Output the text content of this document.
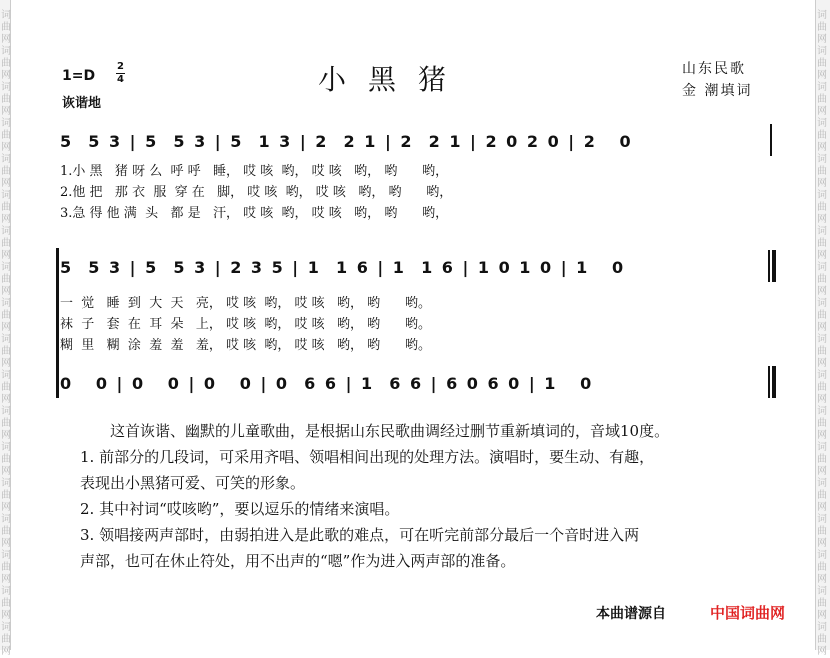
词
曲
网
词
曲
网
词
曲
网
词
曲
网
词
曲
网
词
曲
网
词
曲
网
词
曲
网
词
曲
网
词
曲
网
词
曲
网
词
曲
网
词
曲
网
词
曲
网
词
曲
网
词
曲
网
词
曲
网
词
曲
网
词
曲
网
词
曲
网
词
曲
网
词
曲
网
词
曲
网
词
曲
网
词
曲
网
词
曲
网
词
曲
网
词
曲
网
词
曲
网
词
曲
网
词
曲
网
词
曲
网
词
曲
网
词
曲
网
词
曲
网
词
曲
网
小黑猪
1=D
2
4
诙谐地
山东民歌
金 潮填词
5  5 3 | 5  5 3 | 5  1 3 | 2  2 1 | 2  2 1 | 2 0 2 0 | 2   0
1.小 黑   猪 呀 么  呼 呼   睡， 哎 咳  哟， 哎 咳   哟， 哟      哟，
2.他 把   那 衣  服  穿 在   脚， 哎 咳  哟， 哎 咳   哟， 哟      哟，
3.急 得 他 满  头   都 是   汗， 哎 咳  哟， 哎 咳   哟， 哟      哟，
5  5 3 | 5  5 3 | 2 3 5 | 1  1 6 | 1  1 6 | 1 0 1 0 | 1   0
一  觉   睡  到  大  天   亮， 哎 咳  哟， 哎 咳   哟， 哟      哟。
袜  子   套  在  耳  朵   上， 哎 咳  哟， 哎 咳   哟， 哟      哟。
糊  里   糊  涂  羞  羞   羞， 哎 咳  哟， 哎 咳   哟， 哟      哟。
0   0 | 0   0 | 0   0 | 0  6 6 | 1  6 6 | 6 0 6 0 | 1   0
这首诙谐、幽默的儿童歌曲，是根据山东民歌曲调经过删节重新填词的，音域10度。
1. 前部分的几段词，可采用齐唱、领唱相间出现的处理方法。演唱时，要生动、有趣，
表现出小黑猪可爱、可笑的形象。
2. 其中衬词“哎咳哟”，要以逗乐的情绪来演唱。
3. 领唱接两声部时，由弱拍进入是此歌的难点，可在听完前部分最后一个音时进入两
声部，也可在休止符处，用不出声的“嗯”作为进入两声部的准备。
本曲谱源自	中国词曲网
